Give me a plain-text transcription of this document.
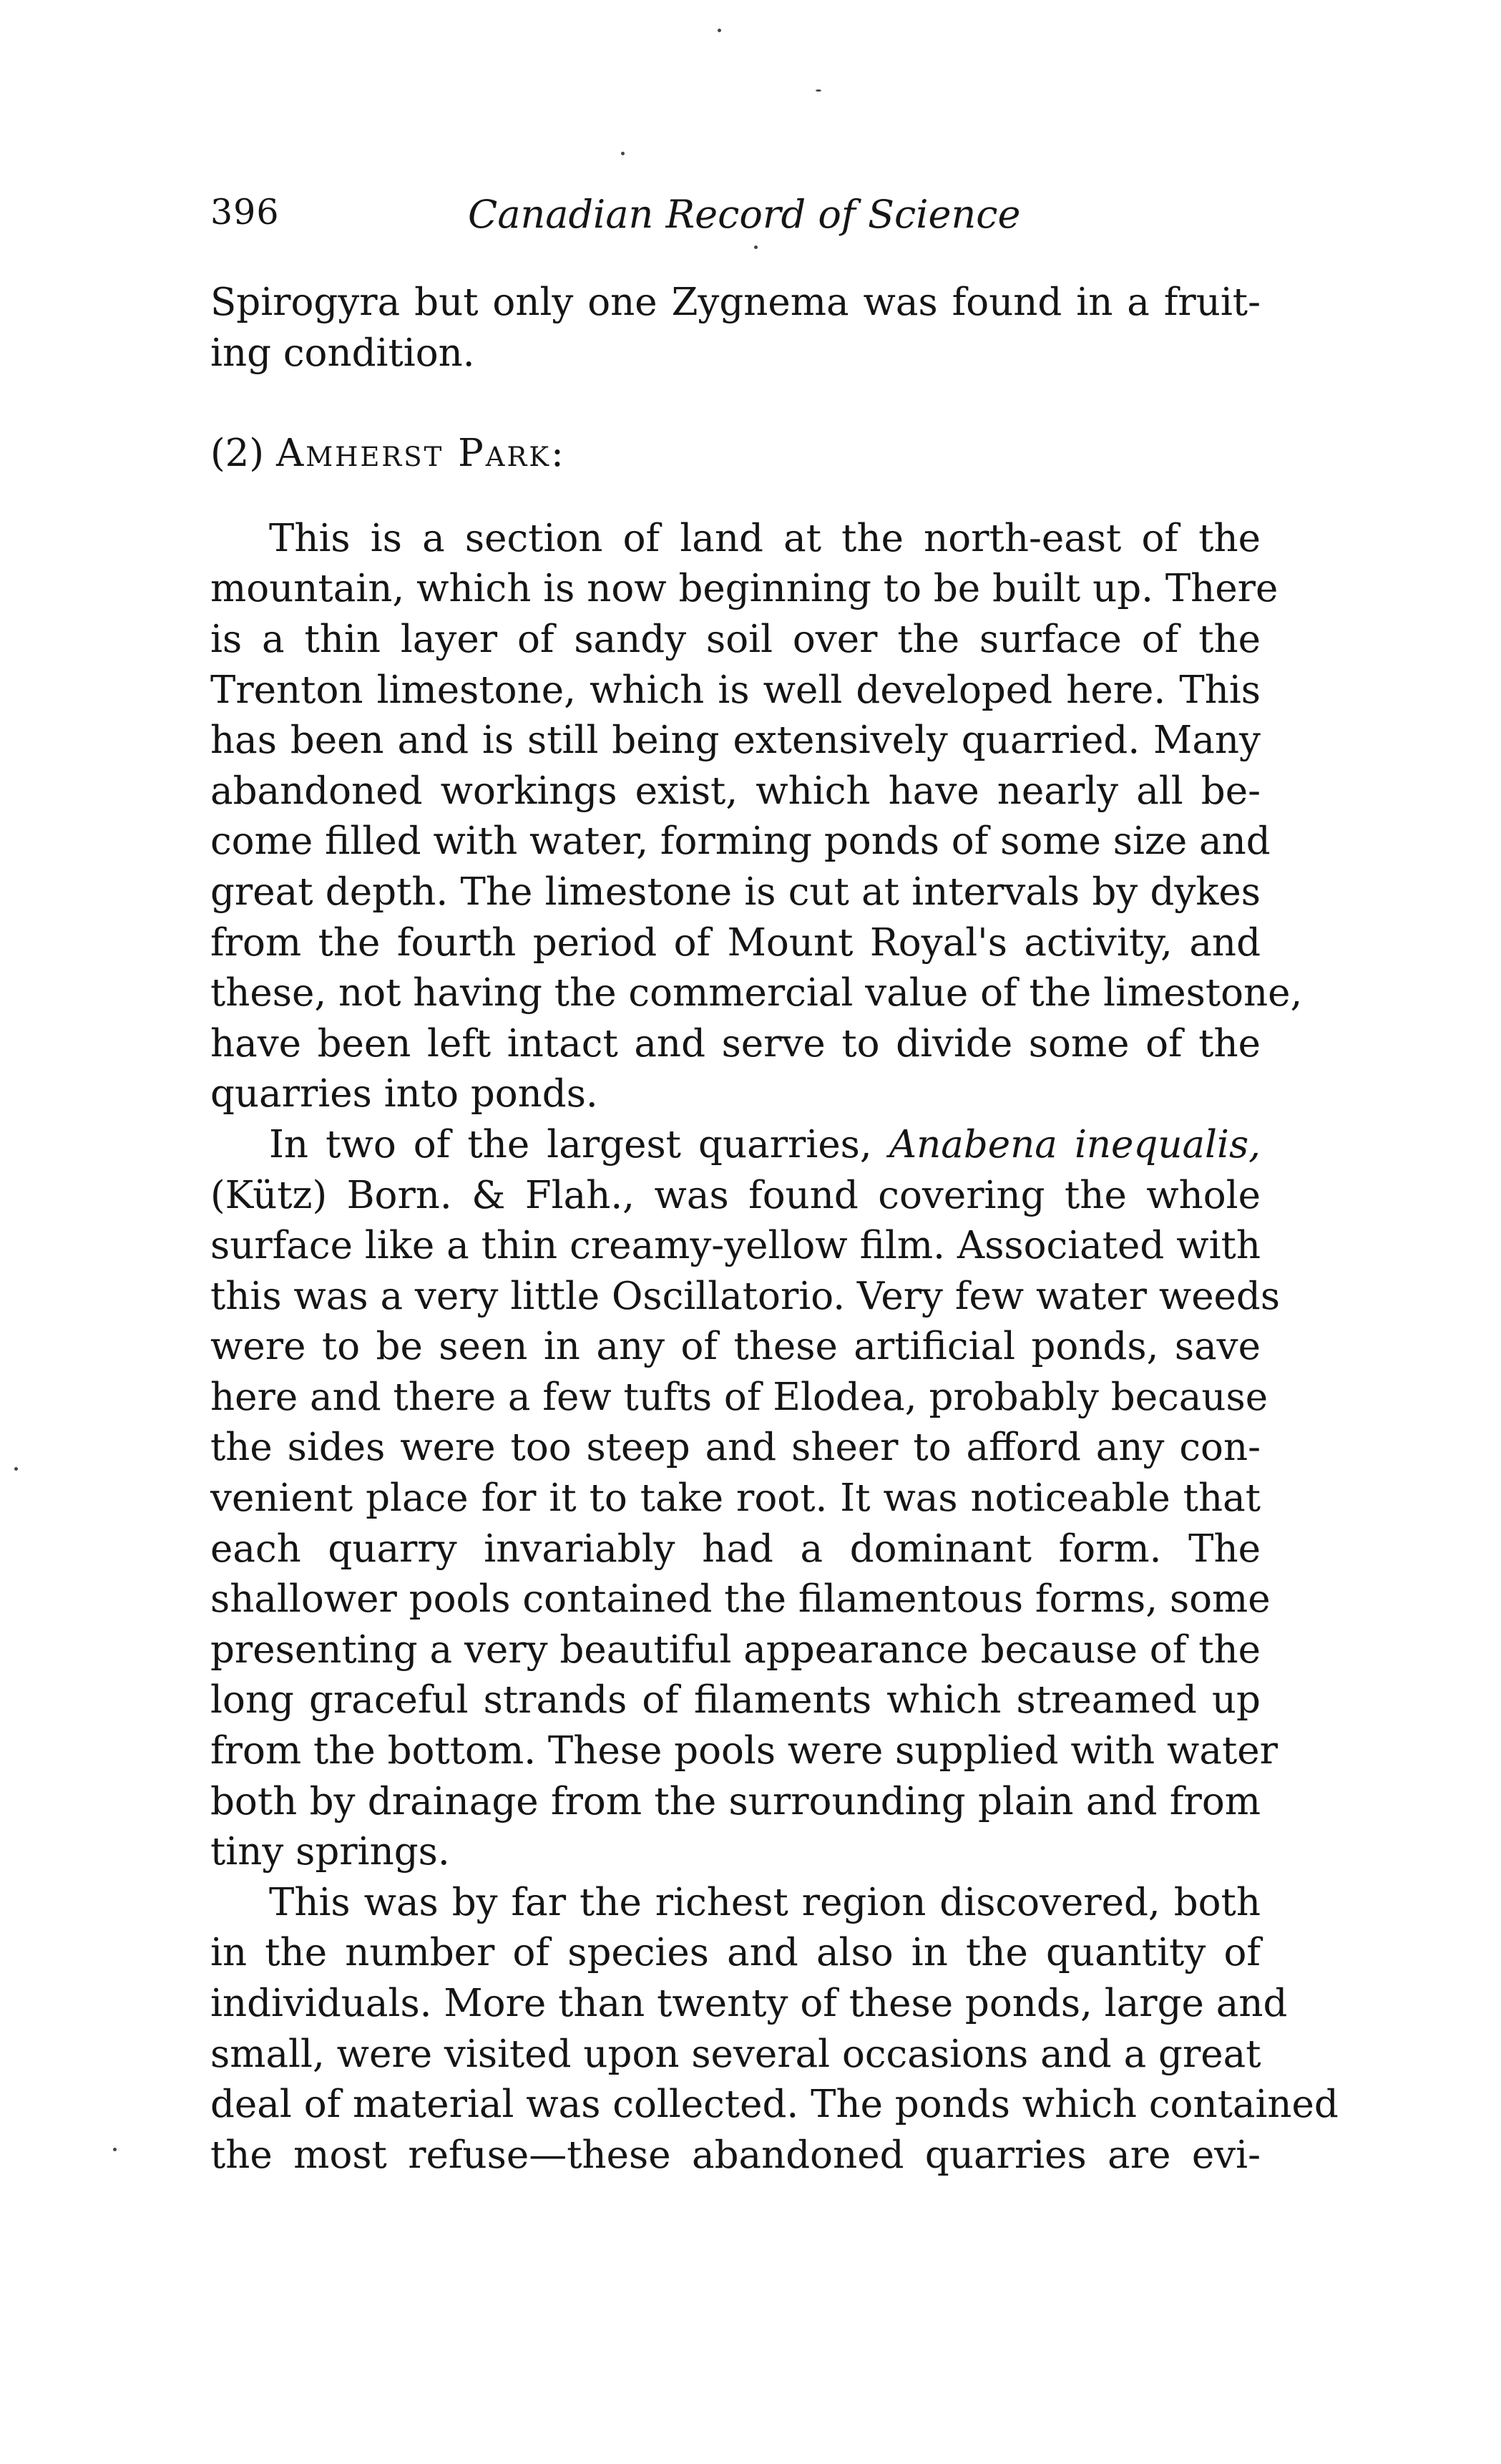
396	Canadian Record of Science
Spirogyra but only one Zygnema was found in a fruit-
ing condition.
(2) Amherst Park:
This is a section of land at the north-east of the
mountain, which is now beginning to be built up. There
is a thin layer of sandy soil over the surface of the
Trenton limestone, which is well developed here. This
has been and is still being extensively quarried. Many
abandoned workings exist, which have nearly all be-
come filled with water, forming ponds of some size and
great depth. The limestone is cut at intervals by dykes
from the fourth period of Mount Royal's activity, and
these, not having the commercial value of the limestone,
have been left intact and serve to divide some of the
quarries into ponds.
In two of the largest quarries, Anabena inequalis,
(Kütz) Born. & Flah., was found covering the whole
surface like a thin creamy-yellow film. Associated with
this was a very little Oscillatorio. Very few water weeds
were to be seen in any of these artificial ponds, save
here and there a few tufts of Elodea, probably because
the sides were too steep and sheer to afford any con-
venient place for it to take root. It was noticeable that
each quarry invariably had a dominant form. The
shallower pools contained the filamentous forms, some
presenting a very beautiful appearance because of the
long graceful strands of filaments which streamed up
from the bottom. These pools were supplied with water
both by drainage from the surrounding plain and from
tiny springs.
This was by far the richest region discovered, both
in the number of species and also in the quantity of
individuals. More than twenty of these ponds, large and
small, were visited upon several occasions and a great
deal of material was collected. The ponds which contained
the most refuse—these abandoned quarries are evi-
